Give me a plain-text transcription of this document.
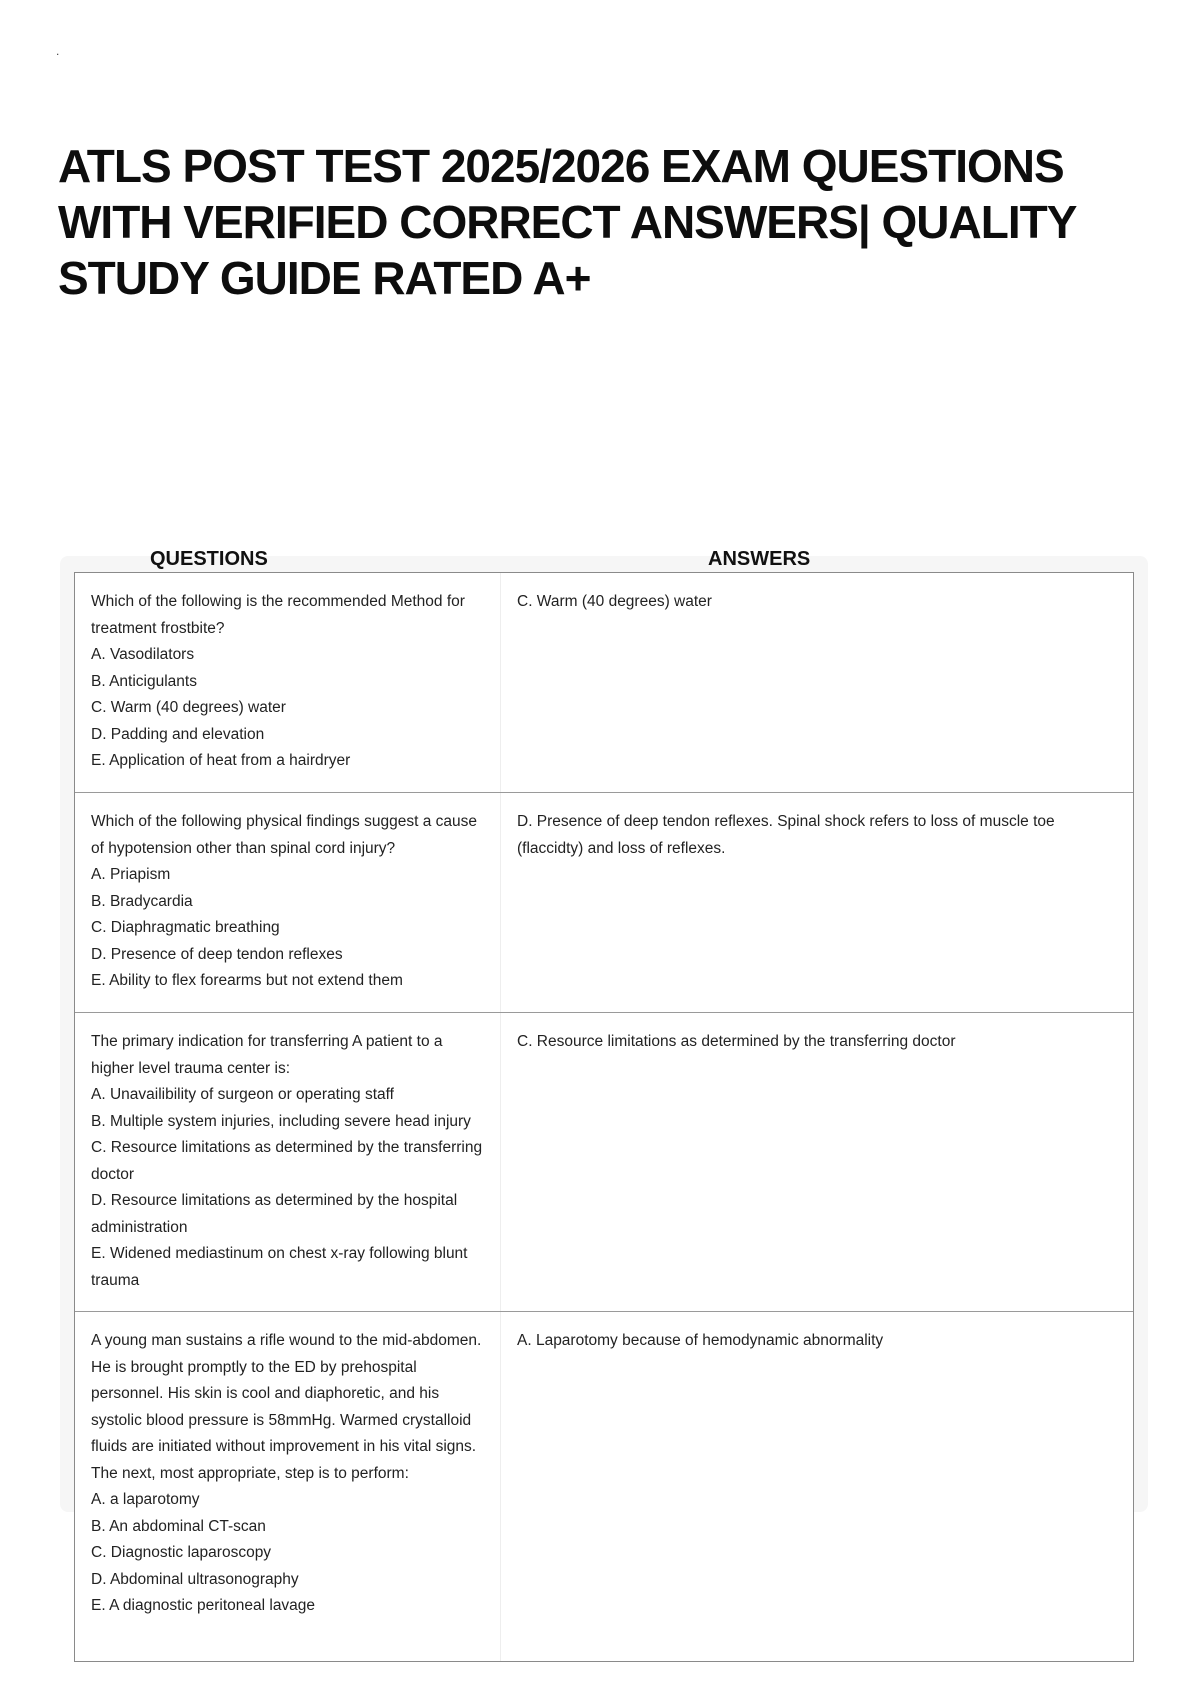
.
ATLS POST TEST 2025/2026 EXAM QUESTIONS WITH VERIFIED CORRECT ANSWERS| QUALITY STUDY GUIDE RATED A+
QUESTIONS	ANSWERS
Which of the following is the recommended Method for treatment frostbite?
A. Vasodilators
B. Anticigulants
C. Warm (40 degrees) water
D. Padding and elevation
E. Application of heat from a hairdryer
C. Warm (40 degrees) water
Which of the following physical findings suggest a cause of hypotension other than spinal cord injury?
A. Priapism
B. Bradycardia
C. Diaphragmatic breathing
D. Presence of deep tendon reflexes
E. Ability to flex forearms but not extend them
D. Presence of deep tendon reflexes. Spinal shock refers to loss of muscle toe (flaccidty) and loss of reflexes.
The primary indication for transferring A patient to a higher level trauma center is:
A. Unavailibility of surgeon or operating staff
B. Multiple system injuries, including severe head injury
C. Resource limitations as determined by the transferring doctor
D. Resource limitations as determined by the hospital administration
E. Widened mediastinum on chest x-ray following blunt trauma
C. Resource limitations as determined by the transferring doctor
A young man sustains a rifle wound to the mid-abdomen. He is brought promptly to the ED by prehospital personnel. His skin is cool and diaphoretic, and his systolic blood pressure is 58mmHg. Warmed crystalloid fluids are initiated without improvement in his vital signs. The next, most appropriate, step is to perform:
A. a laparotomy
B. An abdominal CT-scan
C. Diagnostic laparoscopy
D. Abdominal ultrasonography
E. A diagnostic peritoneal lavage
A. Laparotomy because of hemodynamic abnormality
